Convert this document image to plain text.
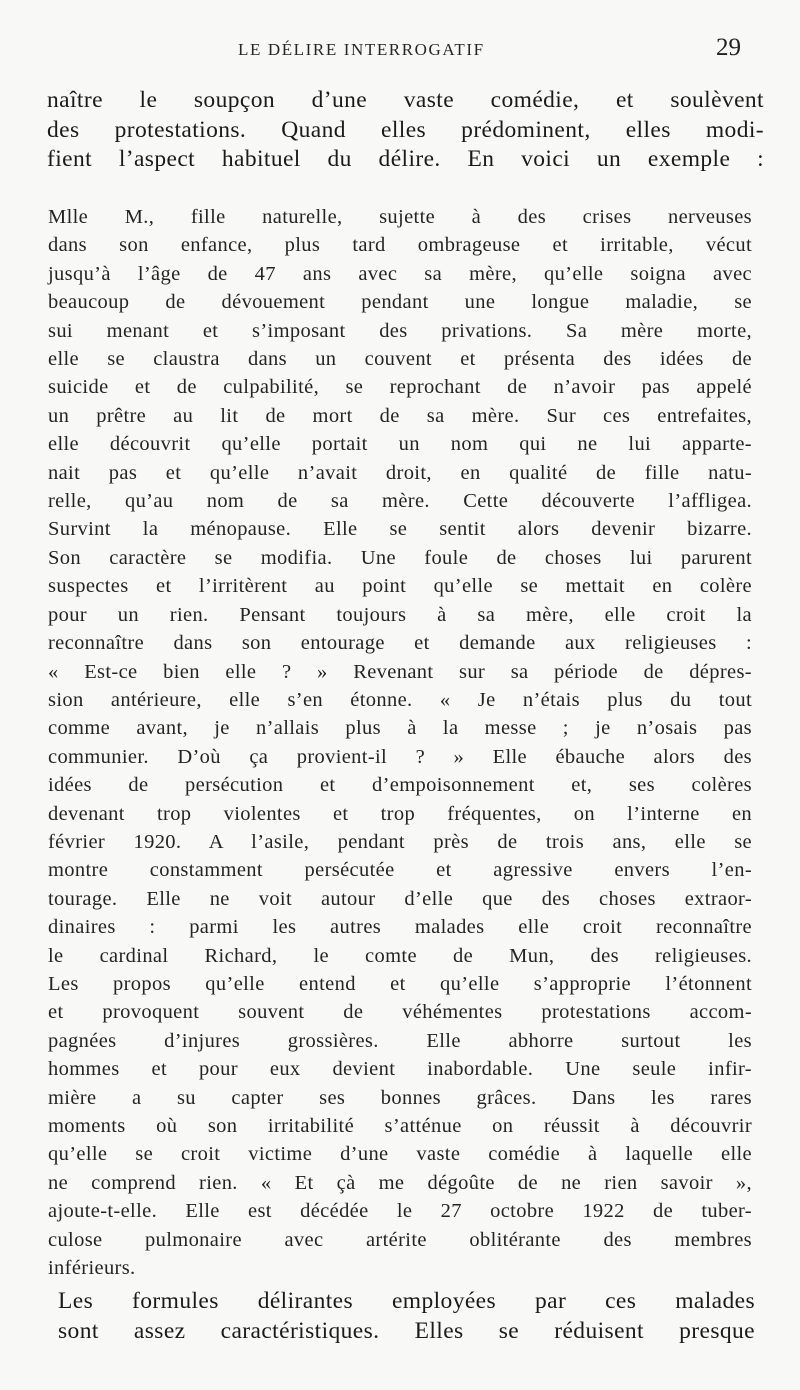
LE DÉLIRE INTERROGATIF	29
naître le soupçon d’une vaste comédie, et soulèvent
des protestations. Quand elles prédominent, elles modi-
fient l’aspect habituel du délire. En voici un exemple :
Mlle M., fille naturelle, sujette à des crises nerveuses
dans son enfance, plus tard ombrageuse et irritable, vécut
jusqu’à l’âge de 47 ans avec sa mère, qu’elle soigna avec
beaucoup de dévouement pendant une longue maladie, se
sui menant et s’imposant des privations. Sa mère morte,
elle se claustra dans un couvent et présenta des idées de
suicide et de culpabilité, se reprochant de n’avoir pas appelé
un prêtre au lit de mort de sa mère. Sur ces entrefaites,
elle découvrit qu’elle portait un nom qui ne lui apparte-
nait pas et qu’elle n’avait droit, en qualité de fille natu-
relle, qu’au nom de sa mère. Cette découverte l’affligea.
Survint la ménopause. Elle se sentit alors devenir bizarre.
Son caractère se modifia. Une foule de choses lui parurent
suspectes et l’irritèrent au point qu’elle se mettait en colère
pour un rien. Pensant toujours à sa mère, elle croit la
reconnaître dans son entourage et demande aux religieuses :
« Est-ce bien elle ? » Revenant sur sa période de dépres-
sion antérieure, elle s’en étonne. « Je n’étais plus du tout
comme avant, je n’allais plus à la messe ; je n’osais pas
communier. D’où ça provient-il ? » Elle ébauche alors des
idées de persécution et d’empoisonnement et, ses colères
devenant trop violentes et trop fréquentes, on l’interne en
février 1920. A l’asile, pendant près de trois ans, elle se
montre constamment persécutée et agressive envers l’en-
tourage. Elle ne voit autour d’elle que des choses extraor-
dinaires : parmi les autres malades elle croit reconnaître
le cardinal Richard, le comte de Mun, des religieuses.
Les propos qu’elle entend et qu’elle s’approprie l’étonnent
et provoquent souvent de véhémentes protestations accom-
pagnées d’injures grossières. Elle abhorre surtout les
hommes et pour eux devient inabordable. Une seule infir-
mière a su capter ses bonnes grâces. Dans les rares
moments où son irritabilité s’atténue on réussit à découvrir
qu’elle se croit victime d’une vaste comédie à laquelle elle
ne comprend rien. « Et çà me dégoûte de ne rien savoir »,
ajoute-t-elle. Elle est décédée le 27 octobre 1922 de tuber-
culose pulmonaire avec artérite oblitérante des membres
inférieurs.
Les formules délirantes employées par ces malades
sont assez caractéristiques. Elles se réduisent presque
